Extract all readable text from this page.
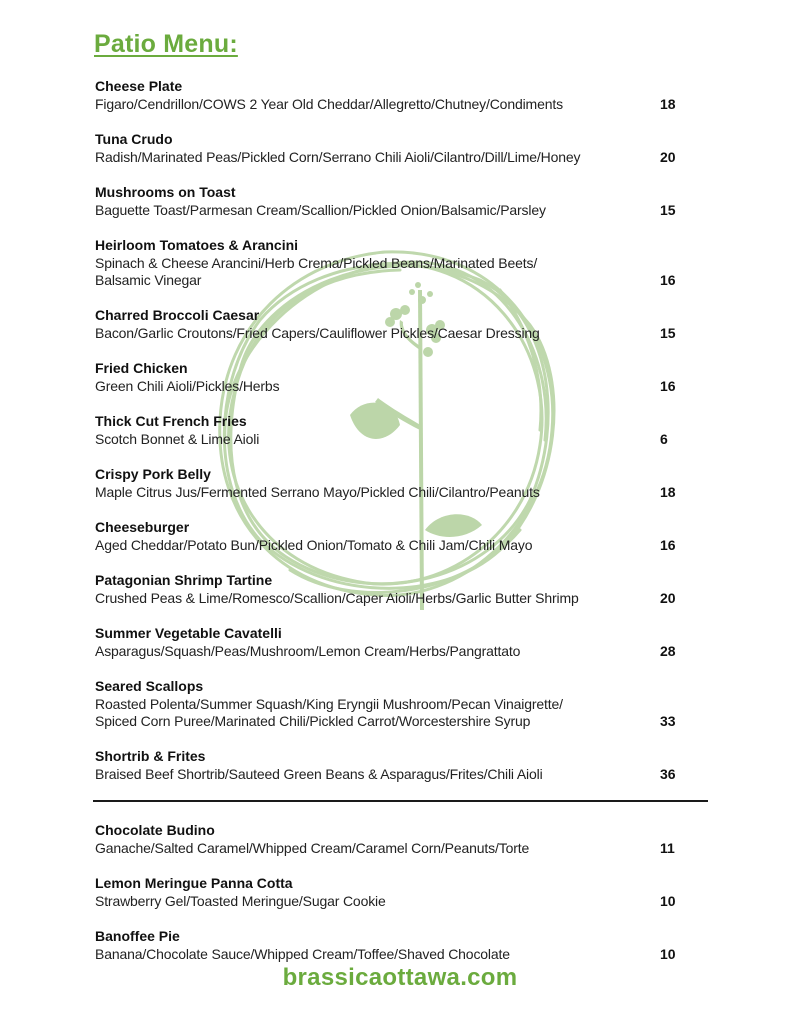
Patio Menu:
Cheese Plate
Figaro/Cendrillon/COWS 2 Year Old Cheddar/Allegretto/Chutney/Condiments	18
Tuna Crudo
Radish/Marinated Peas/Pickled Corn/Serrano Chili Aioli/Cilantro/Dill/Lime/Honey	20
Mushrooms on Toast
Baguette Toast/Parmesan Cream/Scallion/Pickled Onion/Balsamic/Parsley	15
Heirloom Tomatoes & Arancini
Spinach & Cheese Arancini/Herb Crema/Pickled Beans/Marinated Beets/
Balsamic Vinegar	16
Charred Broccoli Caesar
Bacon/Garlic Croutons/Fried Capers/Cauliflower Pickles/Caesar Dressing	15
Fried Chicken
Green Chili Aioli/Pickles/Herbs	16
Thick Cut French Fries
Scotch Bonnet & Lime Aioli	6
Crispy Pork Belly
Maple Citrus Jus/Fermented Serrano Mayo/Pickled Chili/Cilantro/Peanuts	18
Cheeseburger
Aged Cheddar/Potato Bun/Pickled Onion/Tomato & Chili Jam/Chili Mayo	16
Patagonian Shrimp Tartine
Crushed Peas & Lime/Romesco/Scallion/Caper Aioli/Herbs/Garlic Butter Shrimp	20
Summer Vegetable Cavatelli
Asparagus/Squash/Peas/Mushroom/Lemon Cream/Herbs/Pangrattato	28
Seared Scallops
Roasted Polenta/Summer Squash/King Eryngii Mushroom/Pecan Vinaigrette/
Spiced Corn Puree/Marinated Chili/Pickled Carrot/Worcestershire Syrup	33
Shortrib & Frites
Braised Beef Shortrib/Sauteed Green Beans & Asparagus/Frites/Chili Aioli	36
Chocolate Budino
Ganache/Salted Caramel/Whipped Cream/Caramel Corn/Peanuts/Torte	11
Lemon Meringue Panna Cotta
Strawberry Gel/Toasted Meringue/Sugar Cookie	10
Banoffee Pie
Banana/Chocolate Sauce/Whipped Cream/Toffee/Shaved Chocolate	10
brassicaottawa.com
